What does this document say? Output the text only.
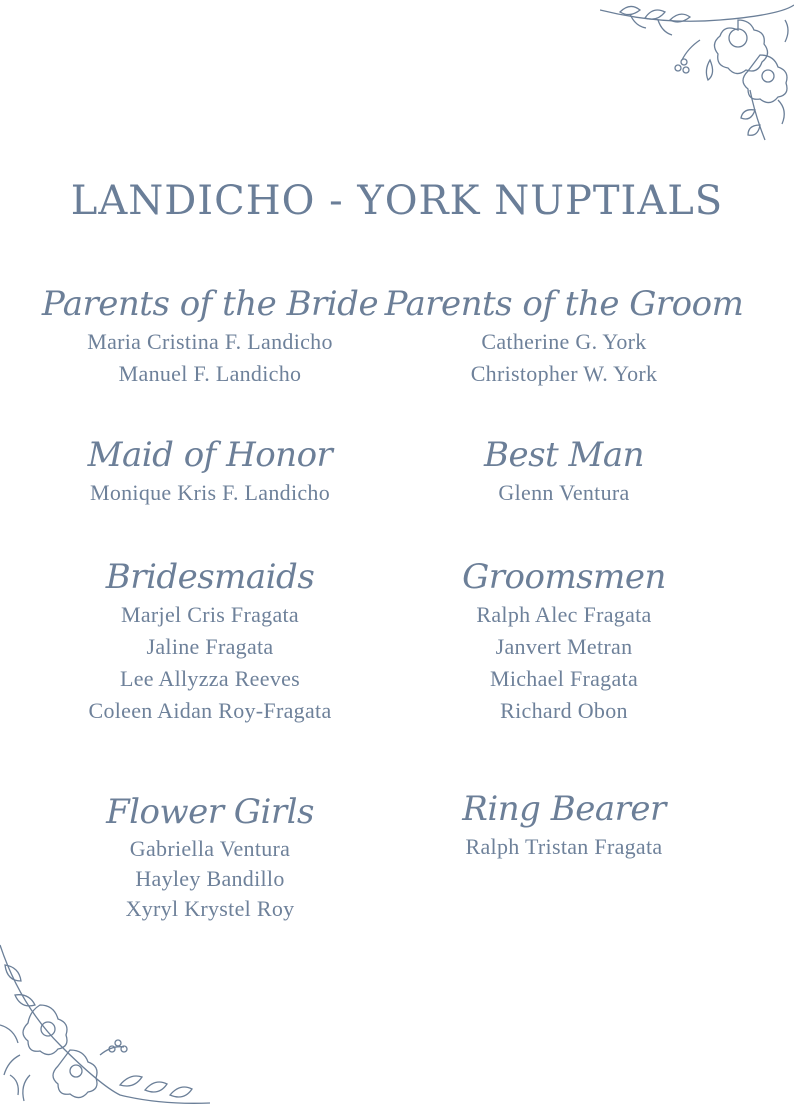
LANDICHO - YORK NUPTIALS
Parents of the Bride
Maria Cristina F. Landicho
Manuel F. Landicho
Parents of the Groom
Catherine G. York
Christopher W. York
Maid of Honor
Monique Kris F. Landicho
Best Man
Glenn Ventura
Bridesmaids
Marjel Cris Fragata
Jaline Fragata
Lee Allyzza Reeves
Coleen Aidan Roy-Fragata
Groomsmen
Ralph Alec Fragata
Janvert Metran
Michael Fragata
Richard Obon
Flower Girls
Gabriella Ventura
Hayley Bandillo
Xyryl Krystel Roy
Ring Bearer
Ralph Tristan Fragata
